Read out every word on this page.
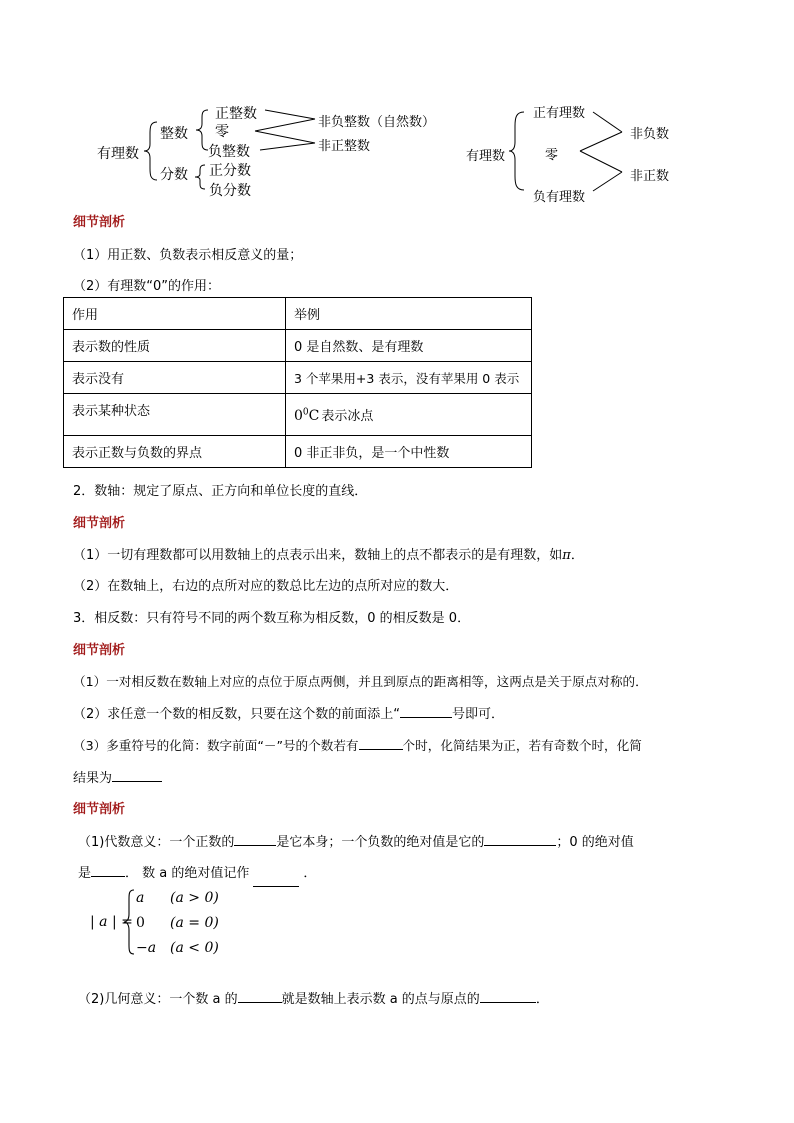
有理数
整数
分数
正整数
零
负整数
非负整数（自然数）
非正整数
正分数
负分数
有理数
正有理数
零
负有理数
非负数
非正数
细节剖析
（1）用正数、负数表示相反意义的量；
（2）有理数“0”的作用：
作用	举例
表示数的性质	0 是自然数、是有理数
表示没有	3 个苹果用+3 表示，没有苹果用 0 表示
表示某种状态	$0^0C$ 表示冰点
表示正数与负数的界点	0 非正非负，是一个中性数
2．数轴：规定了原点、正方向和单位长度的直线．
细节剖析
（1）一切有理数都可以用数轴上的点表示出来，数轴上的点不都表示的是有理数，如π．
（2）在数轴上，右边的点所对应的数总比左边的点所对应的数大．
3．相反数：只有符号不同的两个数互称为相反数，0 的相反数是 0．
细节剖析
（1）一对相反数在数轴上对应的点位于原点两侧，并且到原点的距离相等，这两点是关于原点对称的．
（2）求任意一个数的相反数，只要在这个数的前面添上“	号即可．
（3）多重符号的化简：数字前面“－”号的个数若有	个时，化简结果为正，若有奇数个时，化简
结果为
细节剖析
（1)代数意义：一个正数的	是它本身；一个负数的绝对值是它的	；0 的绝对值
是	． 数 a 的绝对值记作	．
| a | =
a (a > 0)
0 (a = 0)
−a (a < 0)
（2)几何意义：一个数 a 的	就是数轴上表示数 a 的点与原点的	．
